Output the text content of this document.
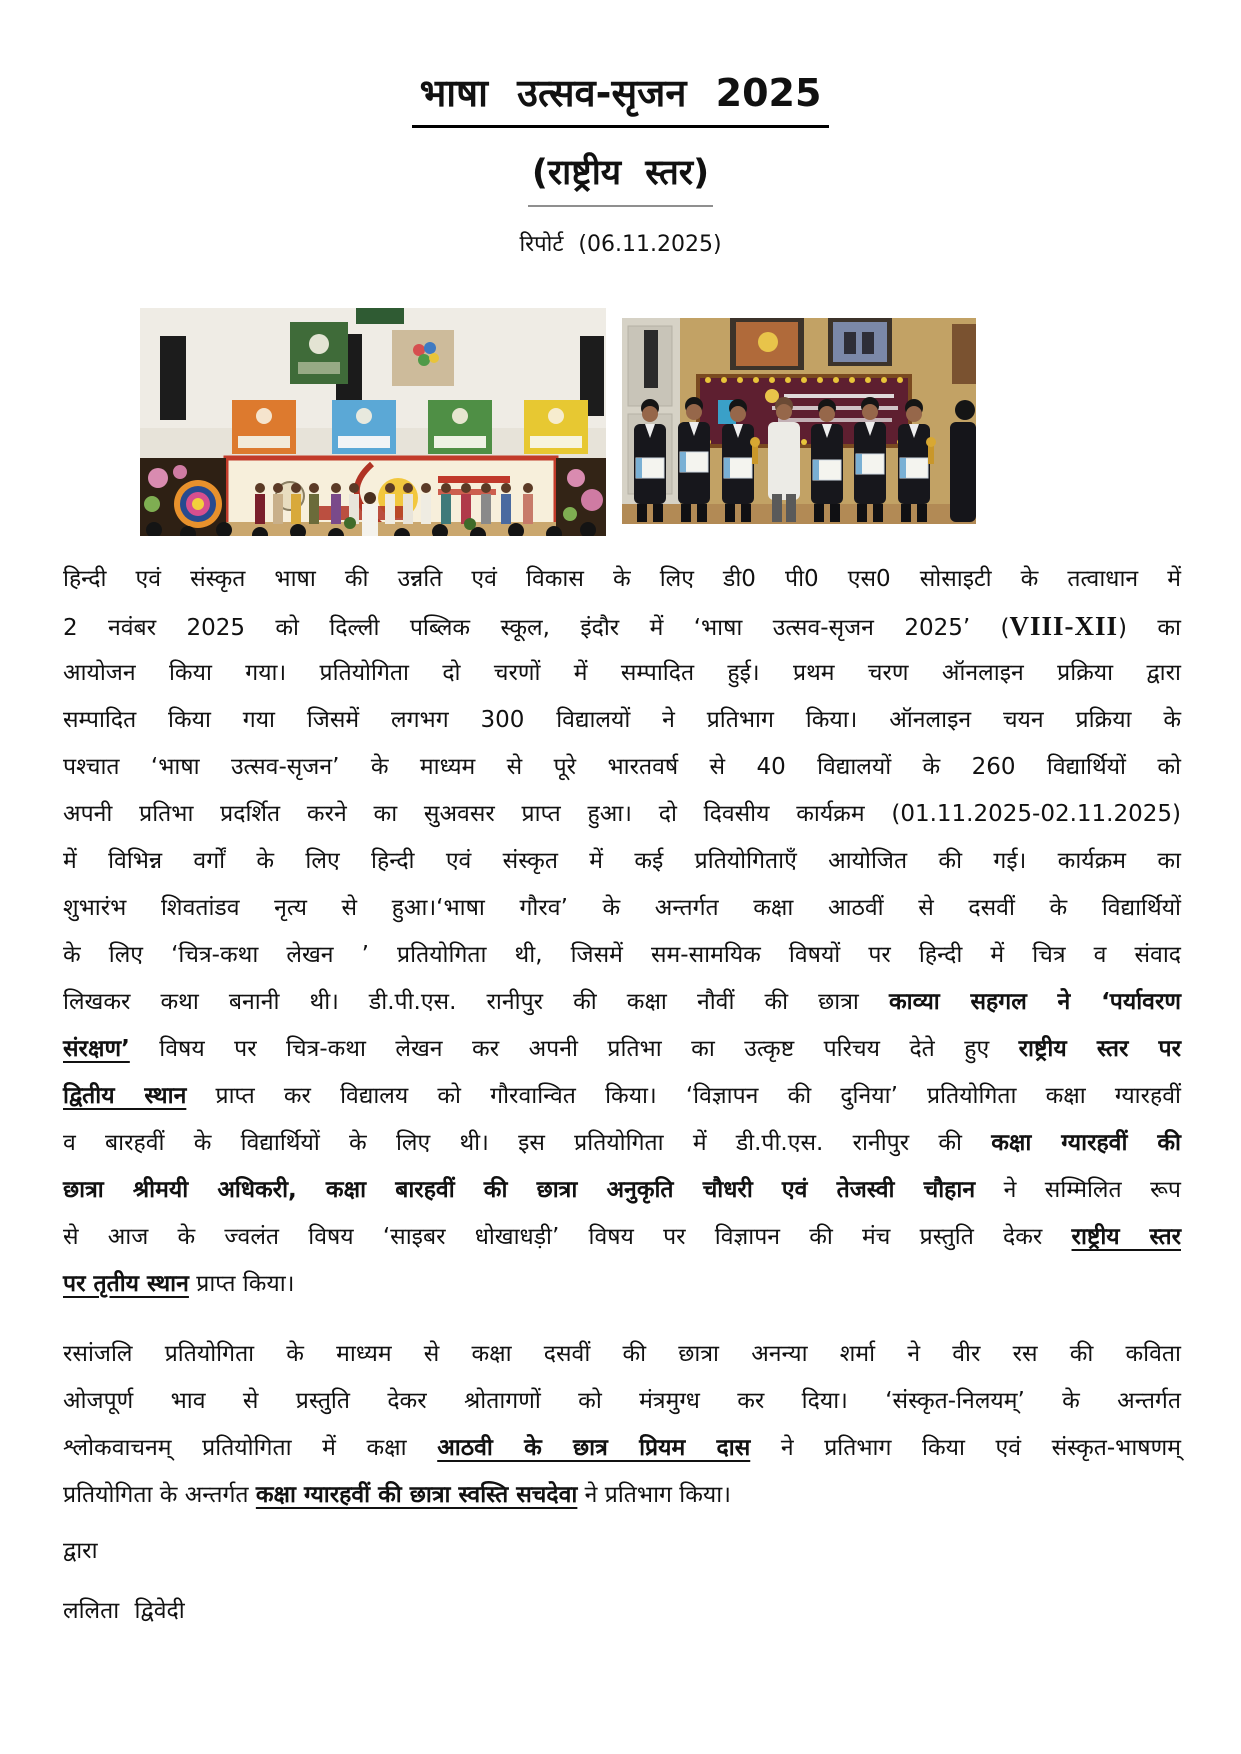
भाषा उत्सव-सृजन 2025
(राष्ट्रीय स्तर)
रिपोर्ट (06.11.2025)
हिन्दी एवं संस्कृत भाषा की उन्नति एवं विकास के लिए डी0 पी0 एस0 सोसाइटी के तत्वाधान में
2 नवंबर 2025 को दिल्ली पब्लिक स्कूल, इंदौर में ‘भाषा उत्सव-सृजन 2025’ (VIII-XII) का
आयोजन किया गया। प्रतियोगिता दो चरणों में सम्पादित हुई। प्रथम चरण ऑनलाइन प्रक्रिया द्वारा
सम्पादित किया गया जिसमें लगभग 300 विद्यालयों ने प्रतिभाग किया। ऑनलाइन चयन प्रक्रिया के
पश्चात ‘भाषा उत्सव-सृजन’ के माध्यम से पूरे भारतवर्ष से 40 विद्यालयों के 260 विद्यार्थियों को
अपनी प्रतिभा प्रदर्शित करने का सुअवसर प्राप्त हुआ। दो दिवसीय कार्यक्रम (01.11.2025-02.11.2025)
में विभिन्न वर्गों के लिए हिन्दी एवं संस्कृत में कई प्रतियोगिताएँ आयोजित की गई। कार्यक्रम का
शुभारंभ शिवतांडव नृत्य से हुआ।‘भाषा गौरव’ के अन्तर्गत कक्षा आठवीं से दसवीं के विद्यार्थियों
के लिए ‘चित्र-कथा लेखन ’ प्रतियोगिता थी, जिसमें सम-सामयिक विषयों पर हिन्दी में चित्र व संवाद
लिखकर कथा बनानी थी। डी.पी.एस. रानीपुर की कक्षा नौवीं की छात्रा काव्या सहगल ने ‘पर्यावरण
संरक्षण’ विषय पर चित्र-कथा लेखन कर अपनी प्रतिभा का उत्कृष्ट परिचय देते हुए राष्ट्रीय स्तर पर
द्वितीय स्थान प्राप्त कर विद्यालय को गौरवान्वित किया। ‘विज्ञापन की दुनिया’ प्रतियोगिता कक्षा ग्यारहवीं
व बारहवीं के विद्यार्थियों के लिए थी। इस प्रतियोगिता में डी.पी.एस. रानीपुर की कक्षा ग्यारहवीं की
छात्रा श्रीमयी अधिकरी, कक्षा बारहवीं की छात्रा अनुकृति चौधरी एवं तेजस्वी चौहान ने सम्मिलित रूप
से आज के ज्वलंत विषय ‘साइबर धोखाधड़ी’ विषय पर विज्ञापन की मंच प्रस्तुति देकर राष्ट्रीय स्तर
पर तृतीय स्थान प्राप्त किया।
रसांजलि प्रतियोगिता के माध्यम से कक्षा दसवीं की छात्रा अनन्या शर्मा ने वीर रस की कविता
ओजपूर्ण भाव से प्रस्तुति देकर श्रोतागणों को मंत्रमुग्ध कर दिया। ‘संस्कृत-निलयम्’ के अन्तर्गत
श्लोकवाचनम् प्रतियोगिता में कक्षा आठवी के छात्र प्रियम दास ने प्रतिभाग किया एवं संस्कृत-भाषणम्
प्रतियोगिता के अन्तर्गत कक्षा ग्यारहवीं की छात्रा स्वस्ति सचदेवा ने प्रतिभाग किया।
द्वारा
ललिता द्विवेदी
